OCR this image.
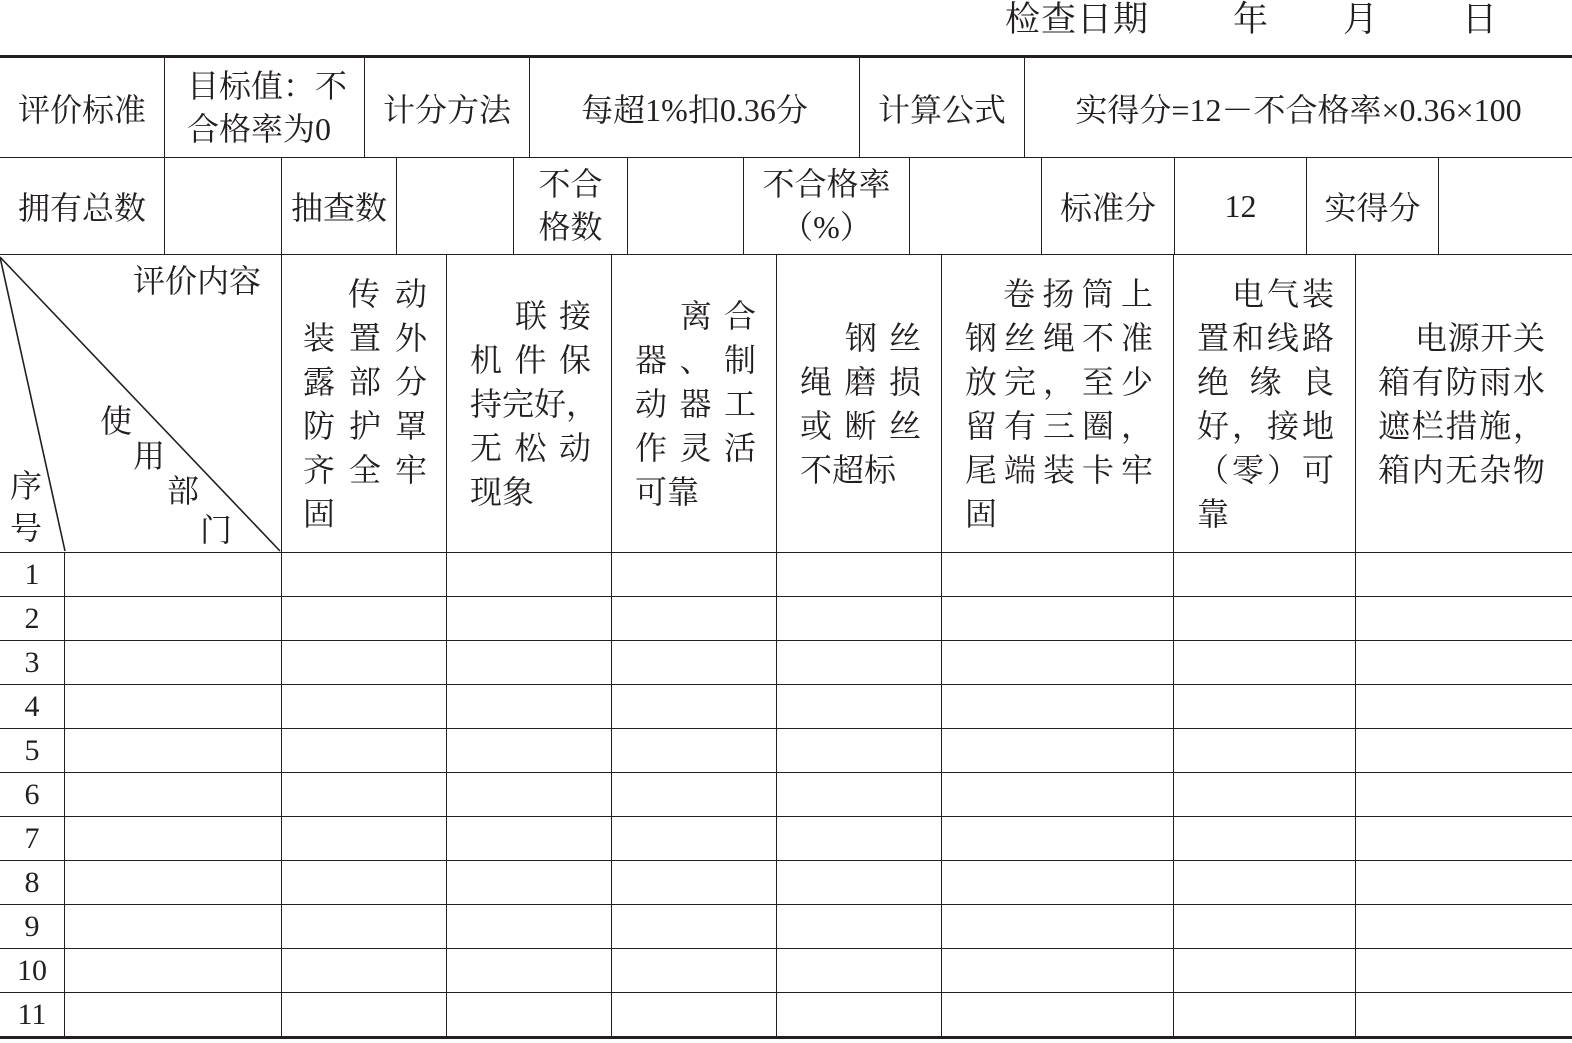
检查日期 年 月 日
评价标准
目标值：不
合格率为0
计分方法 每超1%扣0.36分 计算公式 实得分=12－不合格率×0.36×100
拥有总数	抽查数
不合
格数
不合格率
（%）
标准分 12 实得分
评价内容
使
用
部
门
序
号
传动
装置外
露部分
防护罩
齐全牢
固
联接
机件保
持完好，
无松动
现象
离合
器、制
动器工
作灵活
可靠
钢丝
绳磨损
或断丝
不超标
卷扬筒上
钢丝绳不准
放完，至少
留有三圈，
尾端装卡牢
固
电气装
置和线路
绝缘良
好，接地
（零）可
靠
电源开关
箱有防雨水
遮栏措施，
箱内无杂物
1
2
3
4
5
6
7
8
9
10
11
